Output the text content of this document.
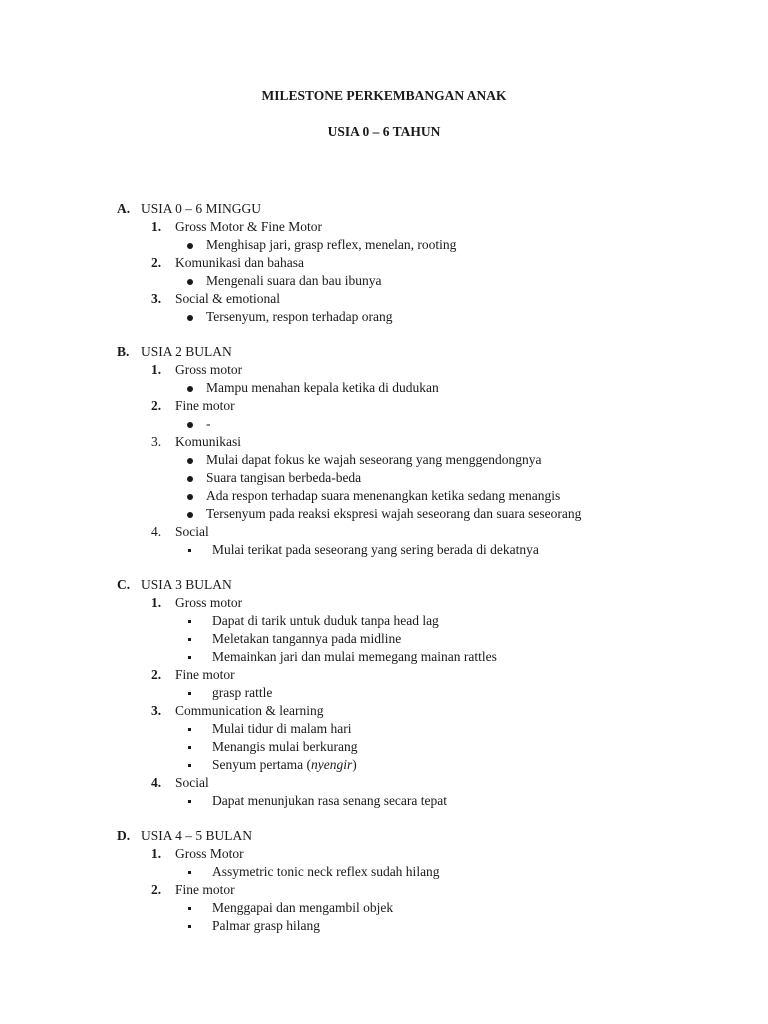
MILESTONE PERKEMBANGAN ANAK
USIA 0 – 6 TAHUN
A. USIA 0 – 6 MINGGU
1. Gross Motor & Fine Motor
Menghisap jari, grasp reflex, menelan, rooting
2. Komunikasi dan bahasa
Mengenali suara dan bau ibunya
3. Social & emotional
Tersenyum, respon terhadap orang
B. USIA 2 BULAN
1. Gross motor
Mampu menahan kepala ketika di dudukan
2. Fine motor
-
3. Komunikasi
Mulai dapat fokus ke wajah seseorang yang menggendongnya
Suara tangisan berbeda-beda
Ada respon terhadap suara menenangkan ketika sedang menangis
Tersenyum pada reaksi ekspresi wajah seseorang dan suara seseorang
4. Social
Mulai terikat pada seseorang yang sering berada di dekatnya
C. USIA 3 BULAN
1. Gross motor
Dapat di tarik untuk duduk tanpa head lag
Meletakan tangannya pada midline
Memainkan jari dan mulai memegang mainan rattles
2. Fine motor
grasp rattle
3. Communication & learning
Mulai tidur di malam hari
Menangis mulai berkurang
Senyum pertama (nyengir)
4. Social
Dapat menunjukan rasa senang secara tepat
D. USIA 4 – 5 BULAN
1. Gross Motor
Assymetric tonic neck reflex sudah hilang
2. Fine motor
Menggapai dan mengambil objek
Palmar grasp hilang
